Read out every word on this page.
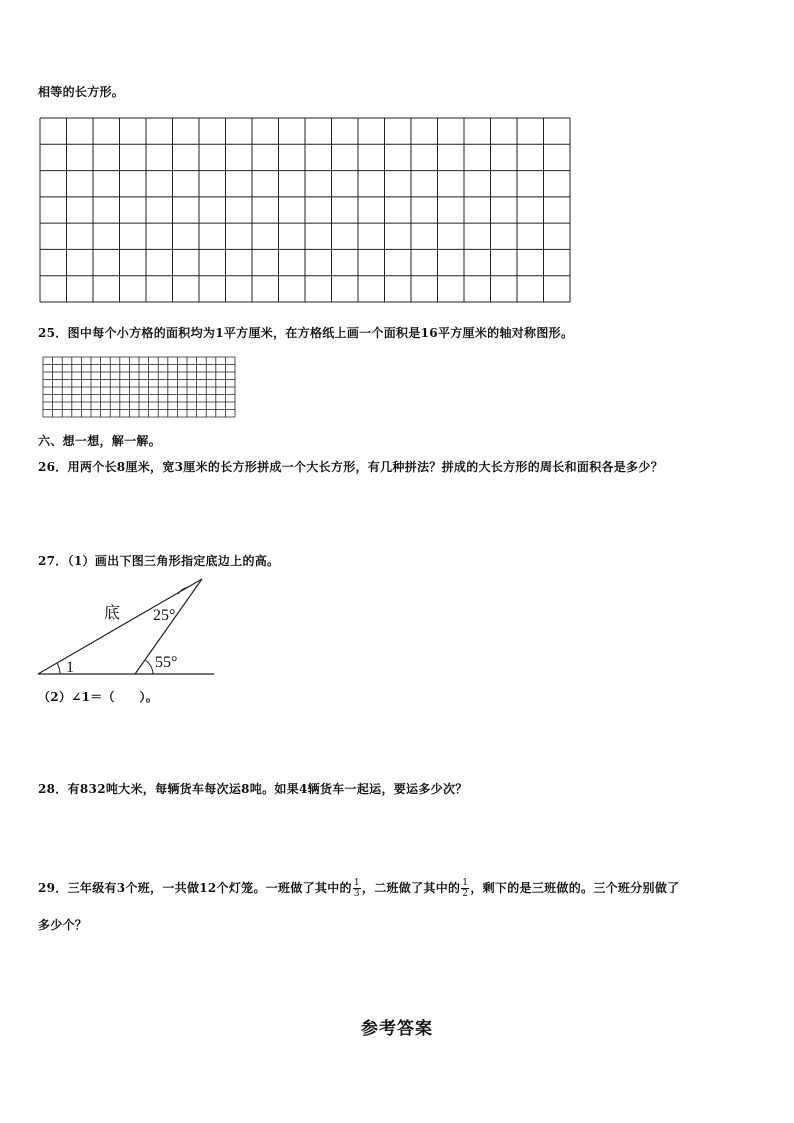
相等的长方形。
25．图中每个小方格的面积均为1平方厘米，在方格纸上画一个面积是16平方厘米的轴对称图形。
六、想一想，解一解。
26．用两个长8厘米，宽3厘米的长方形拼成一个大长方形，有几种拼法？拼成的大长方形的周长和面积各是多少？
27．（1）画出下图三角形指定底边上的高。
底 25°
55°
1
（2）∠1＝（　　）。
28．有832吨大米，每辆货车每次运8吨。如果4辆货车一起运，要运多少次？
29．三年级有3个班，一共做12个灯笼。一班做了其中的 $\frac{1}{3}$ ，二班做了其中的 $\frac{1}{2}$ ，剩下的是三班做的。三个班分别做了
多少个？
参考答案
